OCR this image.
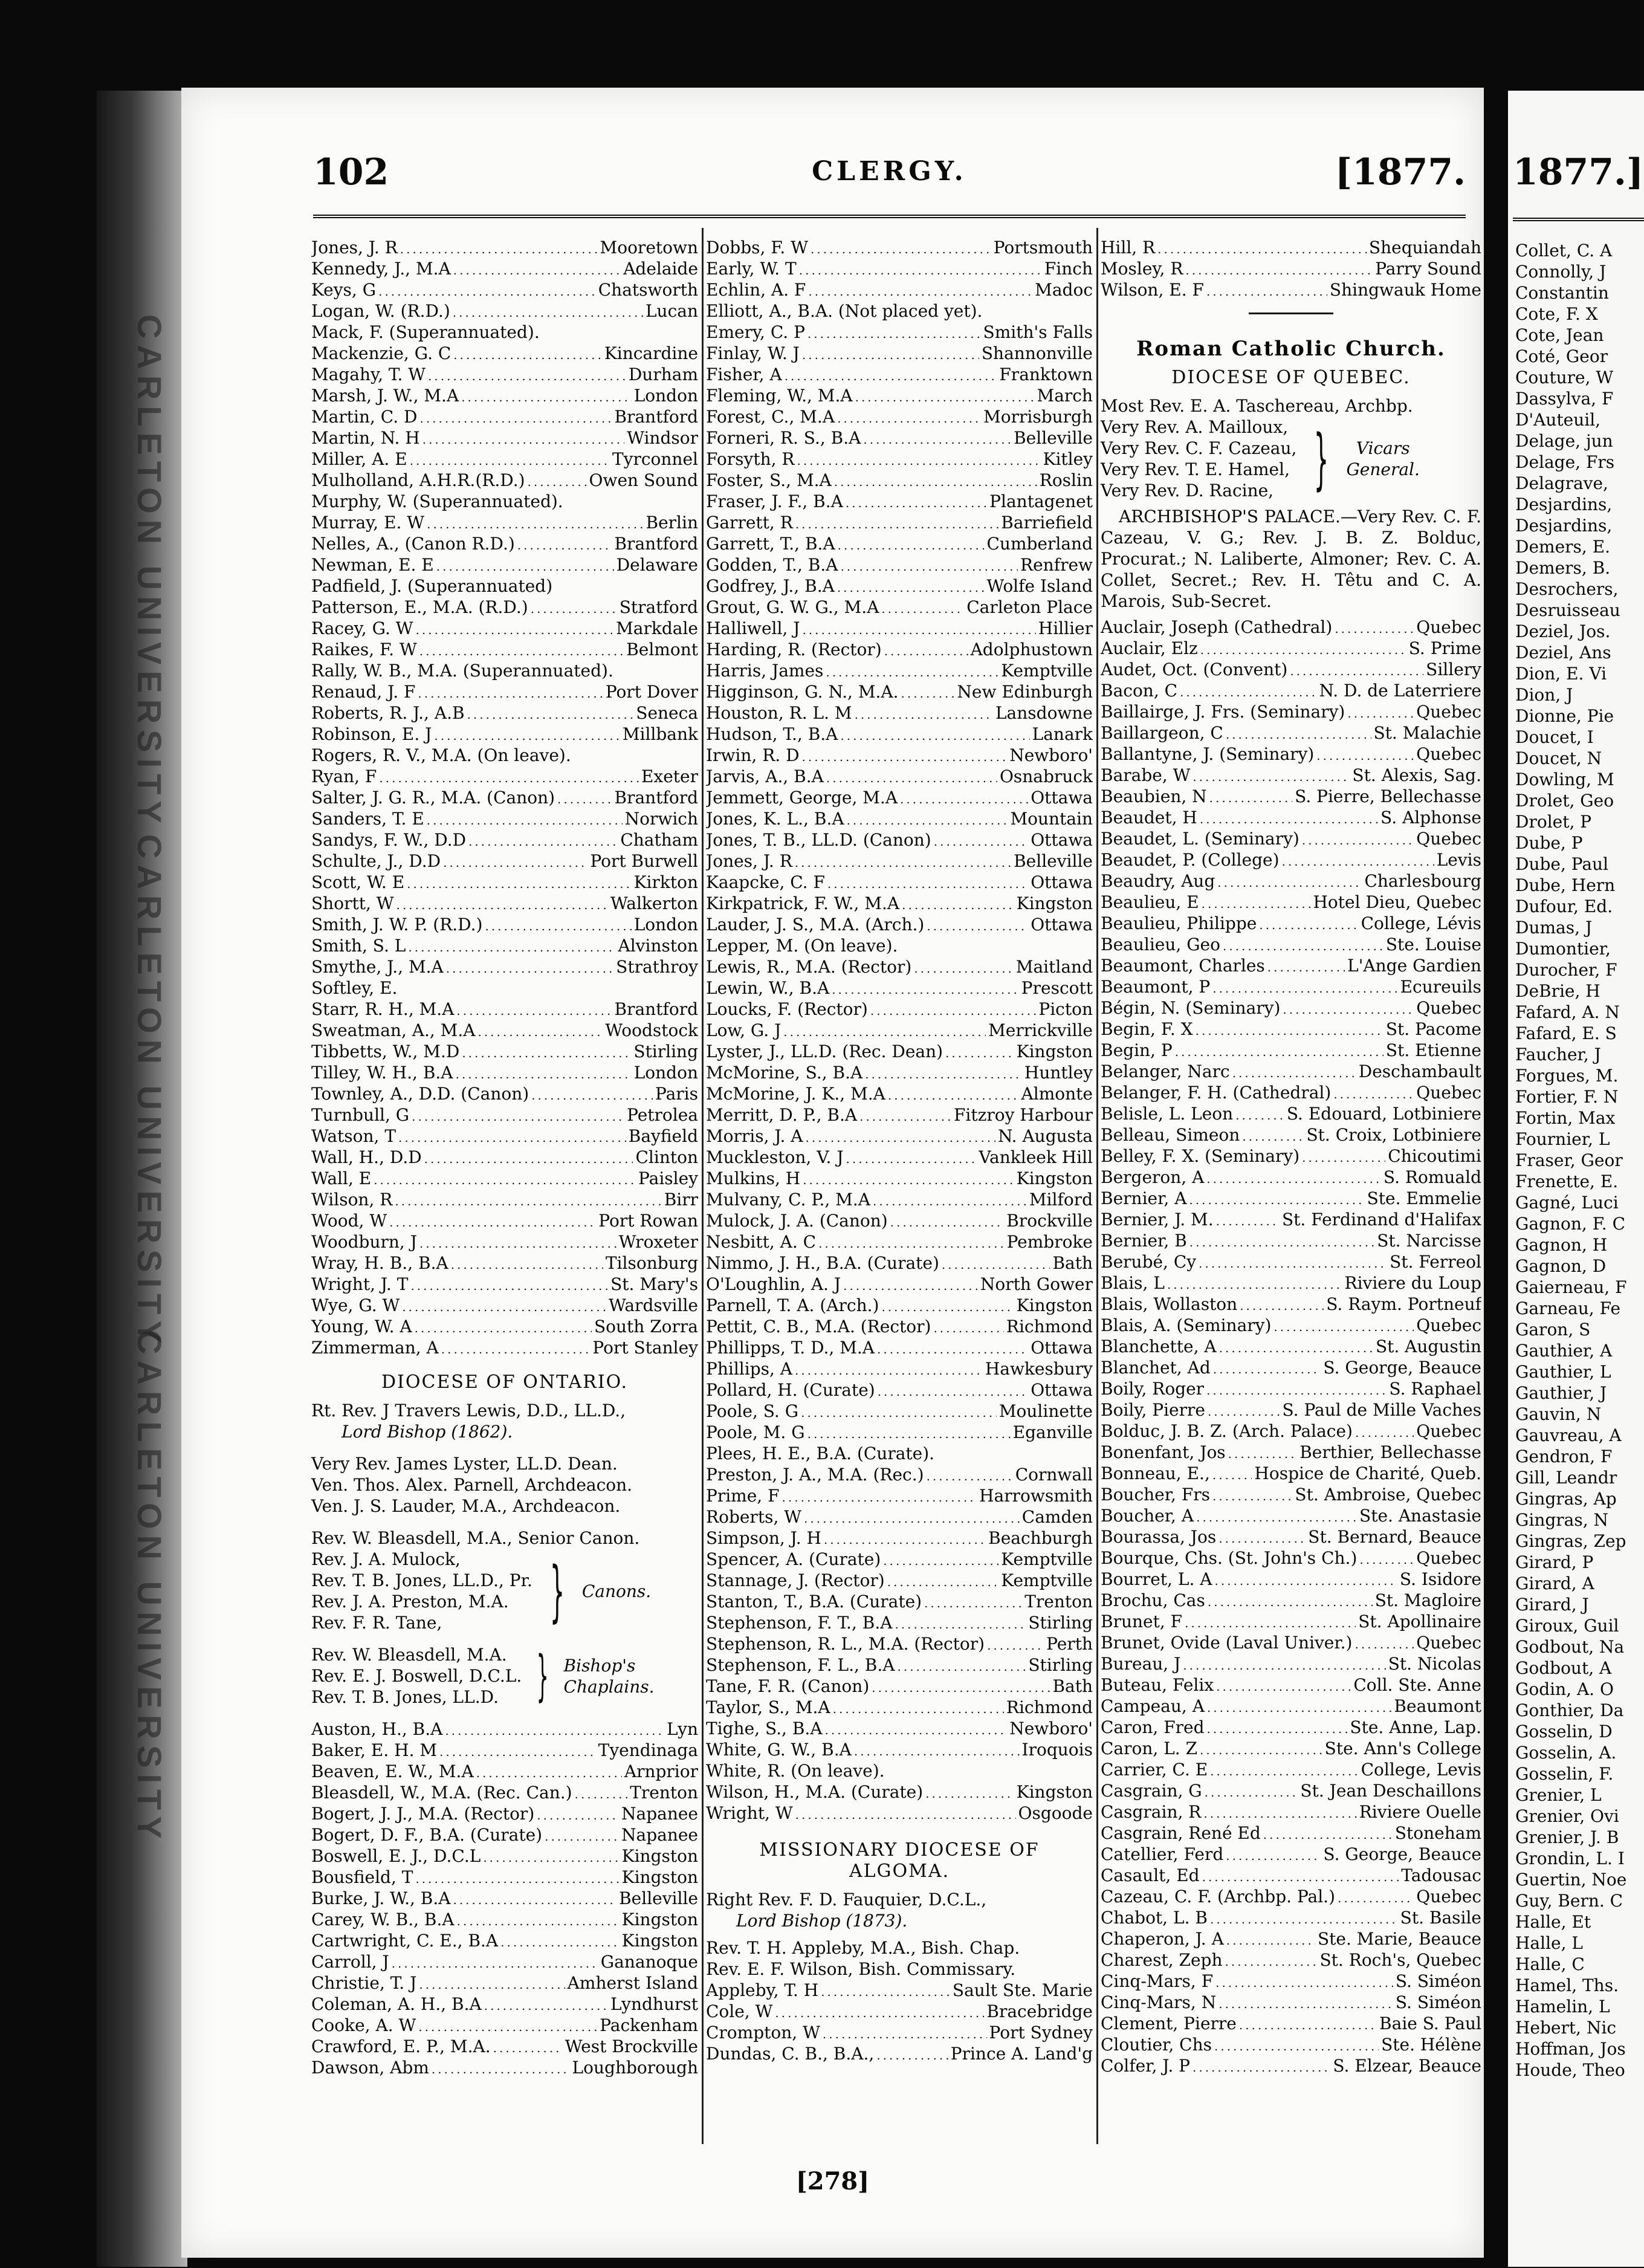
CARLETON UNIVERSITY
CARLETON UNIVERSITY
CARLETON UNIVERSITY
102	CLERGY.	[1877.
Jones, J. R .....	Mooretown
Kennedy, J., M.A .....	Adelaide
Keys, G .....	Chatsworth
Logan, W. (R.D.) .....	Lucan
Mack, F. (Superannuated).
Mackenzie, G. C .....	Kincardine
Magahy, T. W .....	Durham
Marsh, J. W., M.A .....	London
Martin, C. D .....	Brantford
Martin, N. H .....	Windsor
Miller, A. E .....	Tyrconnel
Mulholland, A.H.R.(R.D.) .....	Owen Sound
Murphy, W. (Superannuated).
Murray, E. W .....	Berlin
Nelles, A., (Canon R.D.) .....	Brantford
Newman, E. E .....	Delaware
Padfield, J. (Superannuated)
Patterson, E., M.A. (R.D.) .....	Stratford
Racey, G. W .....	Markdale
Raikes, F. W .....	Belmont
Rally, W. B., M.A. (Superannuated).
Renaud, J. F .....	Port Dover
Roberts, R. J., A.B .....	Seneca
Robinson, E. J .....	Millbank
Rogers, R. V., M.A. (On leave).
Ryan, F .....	Exeter
Salter, J. G. R., M.A. (Canon) .....	Brantford
Sanders, T. E .....	Norwich
Sandys, F. W., D.D .....	Chatham
Schulte, J., D.D .....	Port Burwell
Scott, W. E .....	Kirkton
Shortt, W .....	Walkerton
Smith, J. W. P. (R.D.) .....	London
Smith, S. L .....	Alvinston
Smythe, J., M.A .....	Strathroy
Softley, E.
Starr, R. H., M.A .....	Brantford
Sweatman, A., M.A .....	Woodstock
Tibbetts, W., M.D .....	Stirling
Tilley, W. H., B.A .....	London
Townley, A., D.D. (Canon) .....	Paris
Turnbull, G .....	Petrolea
Watson, T .....	Bayfield
Wall, H., D.D .....	Clinton
Wall, E .....	Paisley
Wilson, R .....	Birr
Wood, W .....	Port Rowan
Woodburn, J .....	Wroxeter
Wray, H. B., B.A .....	Tilsonburg
Wright, J. T .....	St. Mary's
Wye, G. W .....	Wardsville
Young, W. A .....	South Zorra
Zimmerman, A .....	Port Stanley
DIOCESE OF ONTARIO.
Rt. Rev. J Travers Lewis, D.D., LL.D.,
Lord Bishop (1862).
Very Rev. James Lyster, LL.D. Dean.
Ven. Thos. Alex. Parnell, Archdeacon.
Ven. J. S. Lauder, M.A., Archdeacon.
Rev. W. Bleasdell, M.A., Senior Canon.
Rev. J. A. Mulock,
Rev. T. B. Jones, LL.D., Pr.
Rev. J. A. Preston, M.A.
Rev. F. R. Tane,	} Canons.
Rev. W. Bleasdell, M.A.
Rev. E. J. Boswell, D.C.L.
Rev. T. B. Jones, LL.D. } Bishop's
Chaplains.
Auston, H., B.A .....	Lyn
Baker, E. H. M .....	Tyendinaga
Beaven, E. W., M.A .....	Arnprior
Bleasdell, W., M.A. (Rec. Can.) .....	Trenton
Bogert, J. J., M.A. (Rector) .....	Napanee
Bogert, D. F., B.A. (Curate) .....	Napanee
Boswell, E. J., D.C.L .....	Kingston
Bousfield, T .....	Kingston
Burke, J. W., B.A .....	Belleville
Carey, W. B., B.A .....	Kingston
Cartwright, C. E., B.A .....	Kingston
Carroll, J .....	Gananoque
Christie, T. J .....	Amherst Island
Coleman, A. H., B.A .....	Lyndhurst
Cooke, A. W .....	Packenham
Crawford, E. P., M.A. .....	West Brockville
Dawson, Abm .....	Loughborough
Dobbs, F. W .....	Portsmouth
Early, W. T .....	Finch
Echlin, A. F .....	Madoc
Elliott, A., B.A. (Not placed yet).
Emery, C. P .....	Smith's Falls
Finlay, W. J .....	Shannonville
Fisher, A .....	Franktown
Fleming, W., M.A .....	March
Forest, C., M.A .....	Morrisburgh
Forneri, R. S., B.A .....	Belleville
Forsyth, R .....	Kitley
Foster, S., M.A .....	Roslin
Fraser, J. F., B.A .....	Plantagenet
Garrett, R .....	Barriefield
Garrett, T., B.A .....	Cumberland
Godden, T., B.A .....	Renfrew
Godfrey, J., B.A .....	Wolfe Island
Grout, G. W. G., M.A .....	Carleton Place
Halliwell, J .....	Hillier
Harding, R. (Rector) .....	Adolphustown
Harris, James .....	Kemptville
Higginson, G. N., M.A. .....	New Edinburgh
Houston, R. L. M .....	Lansdowne
Hudson, T., B.A .....	Lanark
Irwin, R. D .....	Newboro'
Jarvis, A., B.A .....	Osnabruck
Jemmett, George, M.A .....	Ottawa
Jones, K. L., B.A .....	Mountain
Jones, T. B., LL.D. (Canon) .....	Ottawa
Jones, J. R .....	Belleville
Kaapcke, C. F .....	Ottawa
Kirkpatrick, F. W., M.A .....	Kingston
Lauder, J. S., M.A. (Arch.) .....	Ottawa
Lepper, M. (On leave).
Lewis, R., M.A. (Rector) .....	Maitland
Lewin, W., B.A .....	Prescott
Loucks, F. (Rector) .....	Picton
Low, G. J .....	Merrickville
Lyster, J., LL.D. (Rec. Dean) .....	Kingston
McMorine, S., B.A .....	Huntley
McMorine, J. K., M.A .....	Almonte
Merritt, D. P., B.A .....	Fitzroy Harbour
Morris, J. A .....	N. Augusta
Muckleston, V. J .....	Vankleek Hill
Mulkins, H .....	Kingston
Mulvany, C. P., M.A .....	Milford
Mulock, J. A. (Canon) .....	Brockville
Nesbitt, A. C .....	Pembroke
Nimmo, J. H., B.A. (Curate) .....	Bath
O'Loughlin, A. J .....	North Gower
Parnell, T. A. (Arch.) .....	Kingston
Pettit, C. B., M.A. (Rector) .....	Richmond
Phillipps, T. D., M.A .....	Ottawa
Phillips, A .....	Hawkesbury
Pollard, H. (Curate) .....	Ottawa
Poole, S. G .....	Moulinette
Poole, M. G .....	Eganville
Plees, H. E., B.A. (Curate).
Preston, J. A., M.A. (Rec.) .....	Cornwall
Prime, F .....	Harrowsmith
Roberts, W .....	Camden
Simpson, J. H .....	Beachburgh
Spencer, A. (Curate) .....	Kemptville
Stannage, J. (Rector) .....	Kemptville
Stanton, T., B.A. (Curate) .....	Trenton
Stephenson, F. T., B.A .....	Stirling
Stephenson, R. L., M.A. (Rector) .....	Perth
Stephenson, F. L., B.A .....	Stirling
Tane, F. R. (Canon) .....	Bath
Taylor, S., M.A .....	Richmond
Tighe, S., B.A .....	Newboro'
White, G. W., B.A .....	Iroquois
White, R. (On leave).
Wilson, H., M.A. (Curate) .....	Kingston
Wright, W .....	Osgoode
MISSIONARY DIOCESE OF
ALGOMA.
Right Rev. F. D. Fauquier, D.C.L.,
Lord Bishop (1873).
Rev. T. H. Appleby, M.A., Bish. Chap.
Rev. E. F. Wilson, Bish. Commissary.
Appleby, T. H .....	Sault Ste. Marie
Cole, W .....	Bracebridge
Crompton, W .....	Port Sydney
Dundas, C. B., B.A., .....	Prince A. Land'g
Hill, R .....	Shequiandah
Mosley, R .....	Parry Sound
Wilson, E. F .....	Shingwauk Home
Roman Catholic Church.
DIOCESE OF QUEBEC.
Most Rev. E. A. Taschereau, Archbp.
Very Rev. A. Mailloux,
Very Rev. C. F. Cazeau,
Very Rev. T. E. Hamel,
Very Rev. D. Racine, }	Vicars
General.
ARCHBISHOP'S PALACE.—Very Rev. C. F. Cazeau, V. G.; Rev. J. B. Z. Bolduc, Procurat.; N. Laliberte, Almoner; Rev. C. A. Collet, Secret.; Rev. H. Têtu and C. A. Marois, Sub-Secret.
Auclair, Joseph (Cathedral) .....	Quebec
Auclair, Elz .....	S. Prime
Audet, Oct. (Convent) .....	Sillery
Bacon, C .....	N. D. de Laterriere
Baillairge, J. Frs. (Seminary) .....	Quebec
Baillargeon, C .....	St. Malachie
Ballantyne, J. (Seminary) .....	Quebec
Barabe, W .....	St. Alexis, Sag.
Beaubien, N .....	S. Pierre, Bellechasse
Beaudet, H .....	S. Alphonse
Beaudet, L. (Seminary) .....	Quebec
Beaudet, P. (College) .....	Levis
Beaudry, Aug .....	Charlesbourg
Beaulieu, E .....	Hotel Dieu, Quebec
Beaulieu, Philippe .....	College, Lévis
Beaulieu, Geo .....	Ste. Louise
Beaumont, Charles .....	L'Ange Gardien
Beaumont, P .....	Ecureuils
Bégin, N. (Seminary) .....	Quebec
Begin, F. X .....	St. Pacome
Begin, P .....	St. Etienne
Belanger, Narc .....	Deschambault
Belanger, F. H. (Cathedral) .....	Quebec
Belisle, L. Leon .....	S. Edouard, Lotbiniere
Belleau, Simeon .....	St. Croix, Lotbiniere
Belley, F. X. (Seminary) .....	Chicoutimi
Bergeron, A .....	S. Romuald
Bernier, A .....	Ste. Emmelie
Bernier, J. M. .....	St. Ferdinand d'Halifax
Bernier, B .....	St. Narcisse
Berubé, Cy .....	St. Ferreol
Blais, L .....	Riviere du Loup
Blais, Wollaston .....	S. Raym. Portneuf
Blais, A. (Seminary) .....	Quebec
Blanchette, A .....	St. Augustin
Blanchet, Ad .....	S. George, Beauce
Boily, Roger .....	S. Raphael
Boily, Pierre .....	S. Paul de Mille Vaches
Bolduc, J. B. Z. (Arch. Palace) .....	Quebec
Bonenfant, Jos .....	Berthier, Bellechasse
Bonneau, E., .....	Hospice de Charité, Queb.
Boucher, Frs .....	St. Ambroise, Quebec
Boucher, A .....	Ste. Anastasie
Bourassa, Jos .....	St. Bernard, Beauce
Bourque, Chs. (St. John's Ch.) .....	Quebec
Bourret, L. A .....	S. Isidore
Brochu, Cas .....	St. Magloire
Brunet, F .....	St. Apollinaire
Brunet, Ovide (Laval Univer.) .....	Quebec
Bureau, J .....	St. Nicolas
Buteau, Felix .....	Coll. Ste. Anne
Campeau, A .....	Beaumont
Caron, Fred .....	Ste. Anne, Lap.
Caron, L. Z .....	Ste. Ann's College
Carrier, C. E .....	College, Levis
Casgrain, G .....	St. Jean Deschaillons
Casgrain, R .....	Riviere Ouelle
Casgrain, René Ed .....	Stoneham
Catellier, Ferd .....	S. George, Beauce
Casault, Ed .....	Tadousac
Cazeau, C. F. (Archbp. Pal.) .....	Quebec
Chabot, L. B .....	St. Basile
Chaperon, J. A .....	Ste. Marie, Beauce
Charest, Zeph .....	St. Roch's, Quebec
Cinq-Mars, F .....	S. Siméon
Cinq-Mars, N .....	S. Siméon
Clement, Pierre .....	Baie S. Paul
Cloutier, Chs .....	Ste. Hélène
Colfer, J. P .....	S. Elzear, Beauce
[278]
1877.]
Collet, C. A
Connolly, J
Constantin
Cote, F. X
Cote, Jean
Coté, Geor
Couture, W
Dassylva, F
D'Auteuil,
Delage, jun
Delage, Frs
Delagrave,
Desjardins,
Desjardins,
Demers, E.
Demers, B.
Desrochers,
Desruisseau
Deziel, Jos.
Deziel, Ans
Dion, E. Vi
Dion, J
Dionne, Pie
Doucet, I
Doucet, N
Dowling, M
Drolet, Geo
Drolet, P
Dube, P
Dube, Paul
Dube, Hern
Dufour, Ed.
Dumas, J
Dumontier,
Durocher, F
DeBrie, H
Fafard, A. N
Fafard, E. S
Faucher, J
Forgues, M.
Fortier, F. N
Fortin, Max
Fournier, L
Fraser, Geor
Frenette, E.
Gagné, Luci
Gagnon, F. C
Gagnon, H
Gagnon, D
Gaierneau, F
Garneau, Fe
Garon, S
Gauthier, A
Gauthier, L
Gauthier, J
Gauvin, N
Gauvreau, A
Gendron, F
Gill, Leandr
Gingras, Ap
Gingras, N
Gingras, Zep
Girard, P
Girard, A
Girard, J
Giroux, Guil
Godbout, Na
Godbout, A
Godin, A. O
Gonthier, Da
Gosselin, D
Gosselin, A.
Gosselin, F.
Grenier, L
Grenier, Ovi
Grenier, J. B
Grondin, L. I
Guertin, Noe
Guy, Bern. C
Halle, Et
Halle, L
Halle, C
Hamel, Ths.
Hamelin, L
Hebert, Nic
Hoffman, Jos
Houde, Theo
